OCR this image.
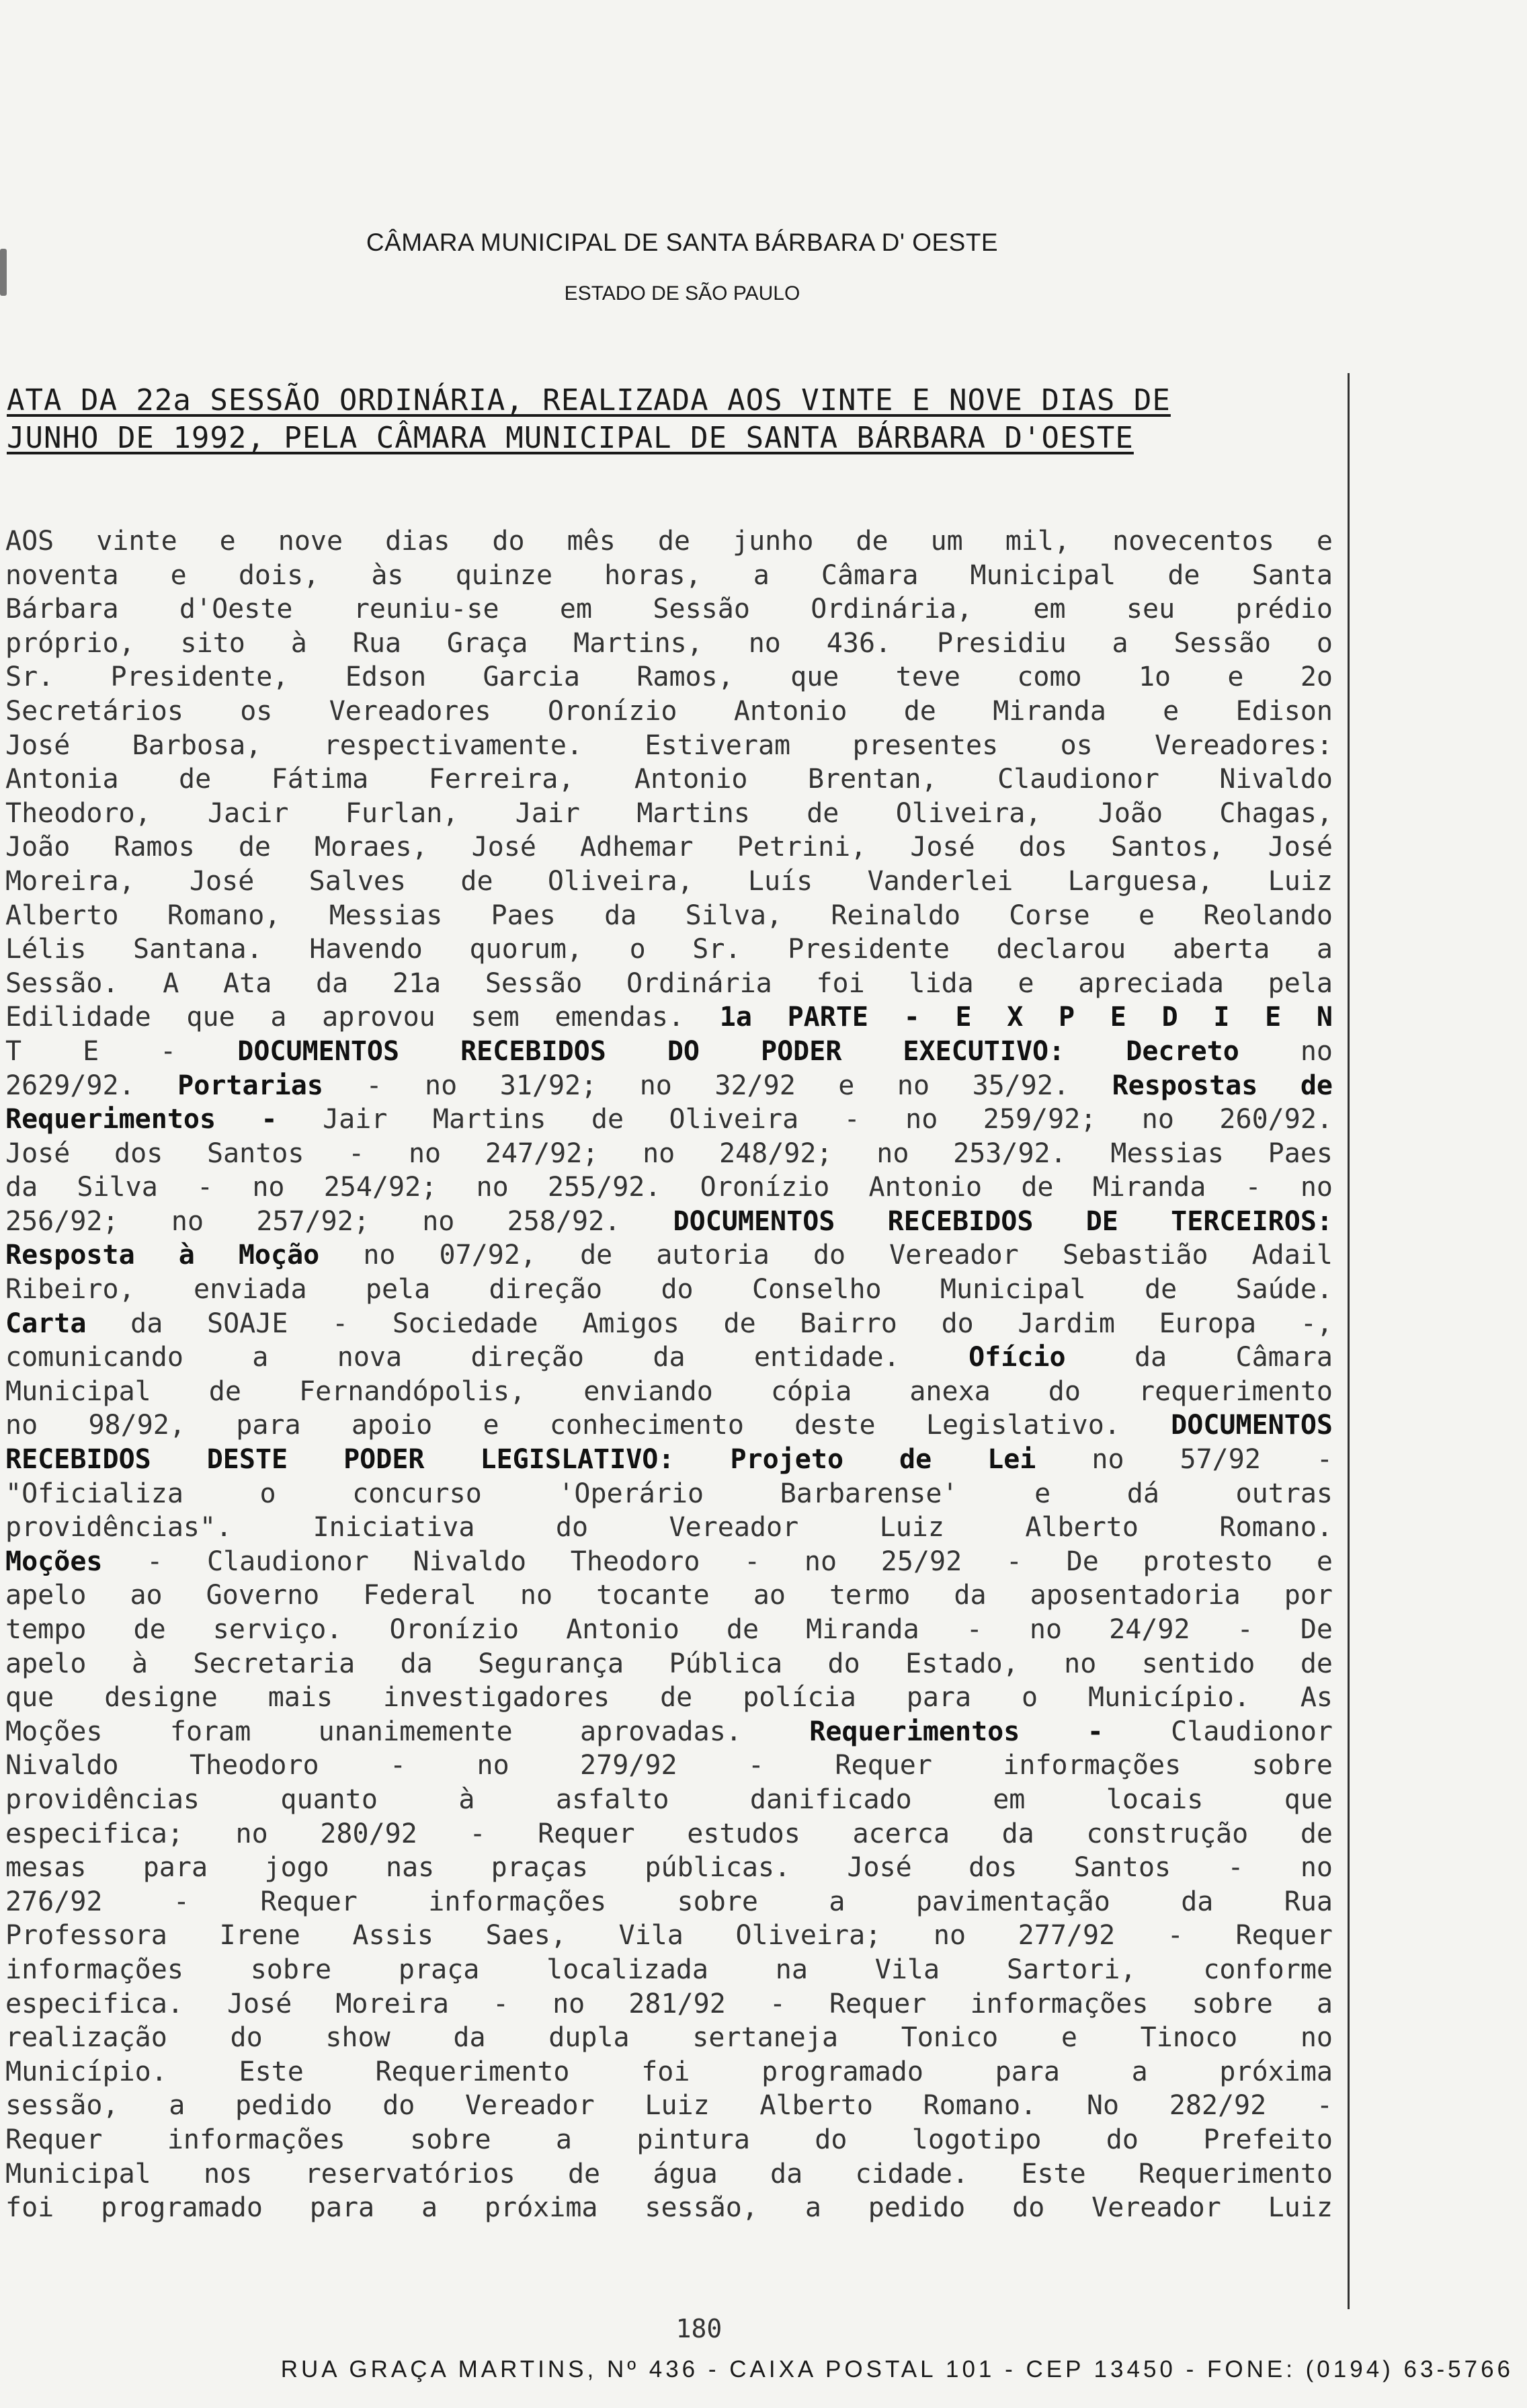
CÂMARA MUNICIPAL DE SANTA BÁRBARA D' OESTE
ESTADO DE SÃO PAULO
ATA DA 22a SESSÃO ORDINÁRIA, REALIZADA AOS VINTE E NOVE DIAS DE
JUNHO DE 1992, PELA CÂMARA MUNICIPAL DE SANTA BÁRBARA D'OESTE

AOS vinte e nove dias do mês de junho de um mil, novecentos e

noventa e dois, às quinze horas, a Câmara Municipal de Santa

Bárbara d'Oeste reuniu-se em Sessão Ordinária, em seu prédio

próprio, sito à Rua Graça Martins, no 436. Presidiu a Sessão o

Sr. Presidente, Edson Garcia Ramos, que teve como 1o e 2o

Secretários os Vereadores Oronízio Antonio de Miranda e Edison

José Barbosa, respectivamente. Estiveram presentes os Vereadores:

Antonia de Fátima Ferreira, Antonio Brentan, Claudionor Nivaldo

Theodoro, Jacir Furlan, Jair Martins de Oliveira, João Chagas,

João Ramos de Moraes, José Adhemar Petrini, José dos Santos, José

Moreira, José Salves de Oliveira, Luís Vanderlei Larguesa, Luiz

Alberto Romano, Messias Paes da Silva, Reinaldo Corse e Reolando

Lélis Santana. Havendo quorum, o Sr. Presidente declarou aberta a

Sessão. A Ata da 21a Sessão Ordinária foi lida e apreciada pela

Edilidade que a aprovou sem emendas. 1a PARTE - E X P E D I E N

T E - DOCUMENTOS RECEBIDOS DO PODER EXECUTIVO: Decreto no

2629/92. Portarias - no 31/92; no 32/92 e no 35/92. Respostas de

Requerimentos - Jair Martins de Oliveira - no 259/92; no 260/92.

José dos Santos - no 247/92; no 248/92; no 253/92. Messias Paes

da Silva - no 254/92; no 255/92. Oronízio Antonio de Miranda - no

256/92; no 257/92; no 258/92. DOCUMENTOS RECEBIDOS DE TERCEIROS:

Resposta à Moção no 07/92, de autoria do Vereador Sebastião Adail

Ribeiro, enviada pela direção do Conselho Municipal de Saúde.

Carta da SOAJE - Sociedade Amigos de Bairro do Jardim Europa -,

comunicando a nova direção da entidade.	Ofício	da Câmara

Municipal de Fernandópolis, enviando cópia anexa do requerimento

no 98/92, para apoio e conhecimento deste Legislativo. DOCUMENTOS

RECEBIDOS DESTE PODER LEGISLATIVO: Projeto de Lei no 57/92 -

"Oficializa o concurso 'Operário Barbarense' e dá outras

providências". Iniciativa do Vereador Luiz Alberto Romano.

Moções - Claudionor Nivaldo Theodoro - no 25/92 - De protesto e

apelo ao Governo Federal no tocante ao termo da aposentadoria por

tempo de serviço. Oronízio Antonio de Miranda - no 24/92 - De

apelo à Secretaria da Segurança Pública do Estado, no sentido de

que designe mais investigadores de polícia para o Município. As

Moções foram unanimemente aprovadas.	Requerimentos -	Claudionor

Nivaldo Theodoro - no 279/92 - Requer informações sobre

providências quanto à asfalto danificado em locais que

especifica; no 280/92 - Requer estudos acerca da construção de

mesas para jogo nas praças públicas. José dos Santos - no

276/92 - Requer informações sobre a pavimentação da Rua

Professora Irene Assis Saes, Vila Oliveira; no 277/92 - Requer

informações sobre praça localizada na Vila Sartori, conforme

especifica. José Moreira - no 281/92 - Requer informações sobre a

realização do show da dupla sertaneja Tonico e Tinoco no

Município. Este Requerimento foi programado para a próxima

sessão, a pedido do Vereador Luiz Alberto Romano. No 282/92 -

Requer informações sobre a pintura do logotipo do Prefeito

Municipal nos reservatórios de água da cidade. Este Requerimento

foi programado para a próxima sessão, a pedido do Vereador Luiz

180
RUA GRAÇA MARTINS, Nº 436 - CAIXA POSTAL 101 - CEP 13450 - FONE: (0194) 63-5766
